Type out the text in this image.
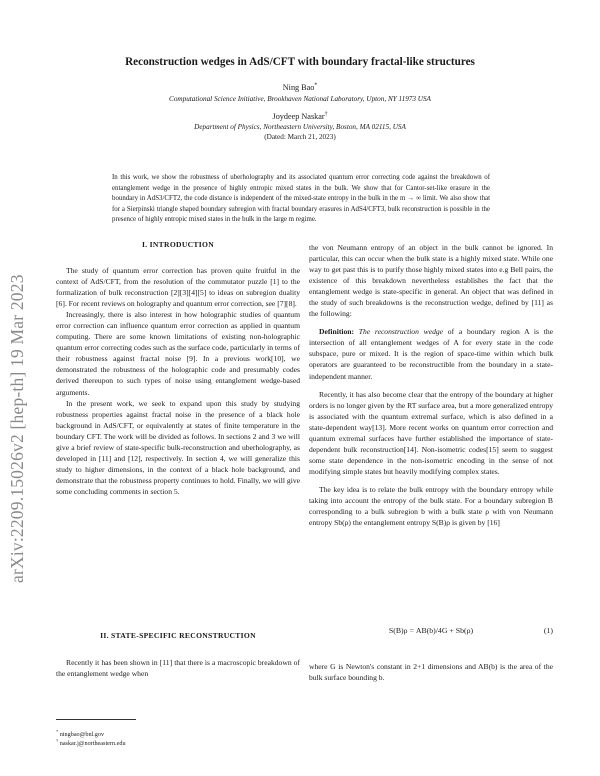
arXiv:2209.15026v2 [hep-th] 19 Mar 2023
Reconstruction wedges in AdS/CFT with boundary fractal-like structures
Ning Bao*
Computational Science Initiative, Brookhaven National Laboratory, Upton, NY 11973 USA
Joydeep Naskar†
Department of Physics, Northeastern University, Boston, MA 02115, USA
(Dated: March 21, 2023)
In this work, we show the robustness of uberholography and its associated quantum error correcting code against the breakdown of entanglement wedge in the presence of highly entropic mixed states in the bulk. We show that for Cantor-set-like erasure in the boundary in AdS3/CFT2, the code distance is independent of the mixed-state entropy in the bulk in the m → ∞ limit. We also show that for a Sierpinski triangle shaped boundary subregion with fractal boundary erasures in AdS4/CFT3, bulk reconstruction is possible in the presence of highly entropic mixed states in the bulk in the large m regime.
I. INTRODUCTION

The study of quantum error correction has proven quite fruitful in the context of AdS/CFT, from the resolution of the commutator puzzle [1] to the formalization of bulk reconstruction [2][3][4][5] to ideas on subregion duality [6]. For recent reviews on holography and quantum error correction, see [7][8].

Increasingly, there is also interest in how holographic studies of quantum error correction can influence quantum error correction as applied in quantum computing. There are some known limitations of existing non-holographic quantum error correcting codes such as the surface code, particularly in terms of their robustness against fractal noise [9]. In a previous work[10], we demonstrated the robustness of the holographic code and presumably codes derived thereupon to such types of noise using entanglement wedge-based arguments.

In the present work, we seek to expand upon this study by studying robustness properties against fractal noise in the presence of a black hole background in AdS/CFT, or equivalently at states of finite temperature in the boundary CFT. The work will be divided as follows. In sections 2 and 3 we will give a brief review of state-specific bulk-reconstruction and uberholography, as developed in [11] and [12], respectively. In section 4, we will generalize this study to higher dimensions, in the context of a black hole background, and demonstrate that the robustness property continues to hold. Finally, we will give some concluding comments in section 5.

II. STATE-SPECIFIC RECONSTRUCTION

Recently it has been shown in [11] that there is a macroscopic breakdown of the entanglement wedge when

* ningbao@bnl.gov
† naskar.j@northeastern.edu

the von Neumann entropy of an object in the bulk cannot be ignored. In particular, this can occur when the bulk state is a highly mixed state. While one way to get past this is to purify those highly mixed states into e.g Bell pairs, the existence of this breakdown nevertheless establishes the fact that the entanglement wedge is state-specific in general. An object that was defined in the study of such breakdowns is the reconstruction wedge, defined by [11] as the following:

Definition: The reconstruction wedge of a boundary region A is the intersection of all entanglement wedges of A for every state in the code subspace, pure or mixed. It is the region of space-time within which bulk operators are guaranteed to be reconstructible from the boundary in a state-independent manner.

Recently, it has also become clear that the entropy of the boundary at higher orders is no longer given by the RT surface area, but a more generalized entropy is associated with the quantum extremal surface, which is also defined in a state-dependent way[13]. More recent works on quantum error correction and quantum extremal surfaces have further established the importance of state-dependent bulk reconstruction[14]. Non-isometric codes[15] seem to suggest some state dependence in the non-isometric encoding in the sense of not modifying simple states but heavily modifying complex states.

The key idea is to relate the bulk entropy with the boundary entropy while taking into account the entropy of the bulk state. For a boundary subregion B corresponding to a bulk subregion b with a bulk state ρ with von Neumann entropy Sb(ρ) the entanglement entropy S(B)ρ is given by [16]

S(B)ρ = AB(b)/4G + Sb(ρ)	(1)

where G is Newton's constant in 2+1 dimensions and AB(b) is the area of the bulk surface bounding b.
